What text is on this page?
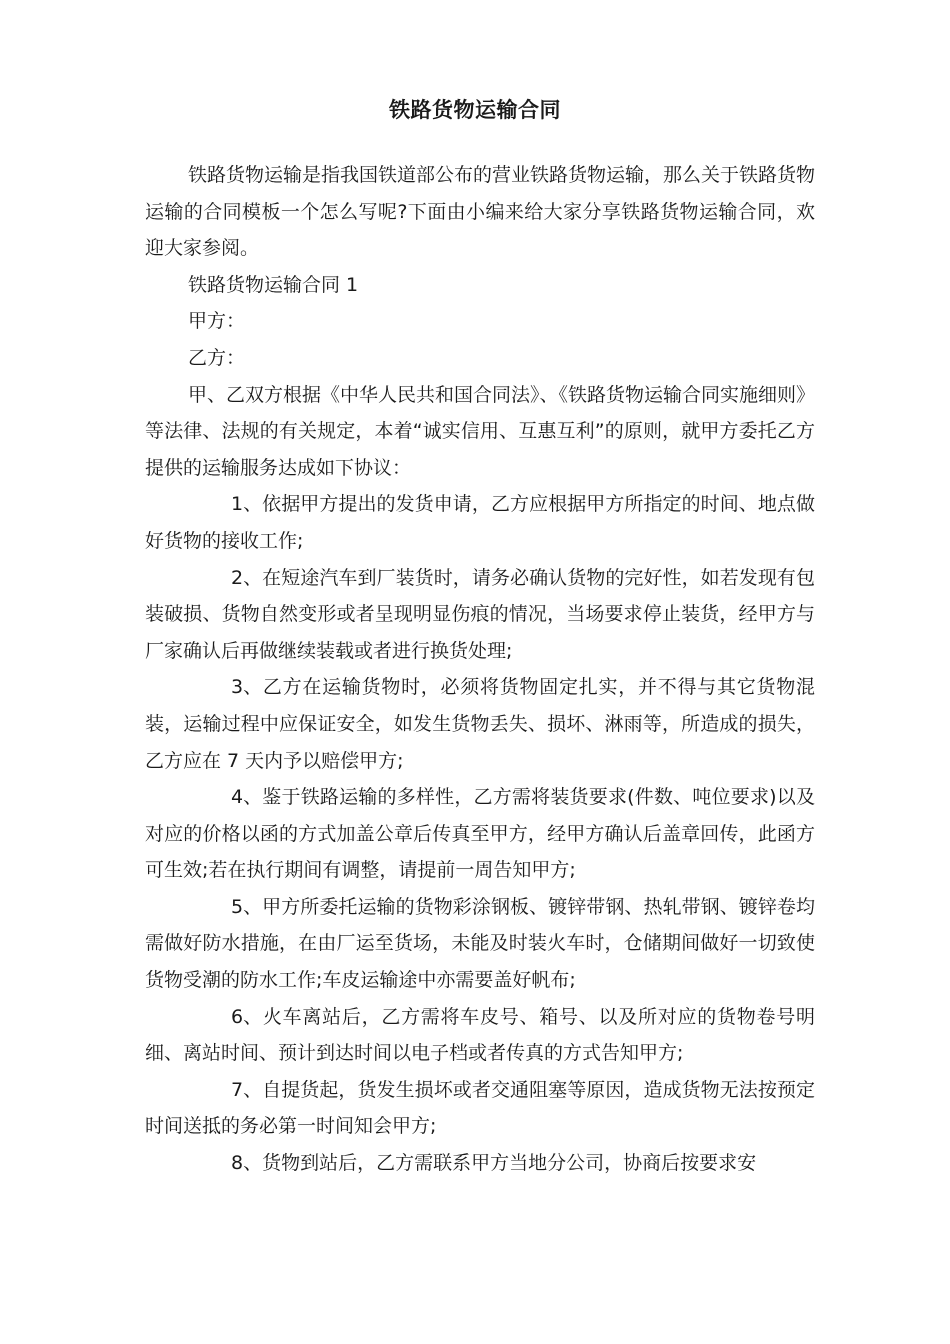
铁路货物运输合同

铁路货物运输是指我国铁道部公布的营业铁路货物运输，那么关于铁路货物运输的合同模板一个怎么写呢?下面由小编来给大家分享铁路货物运输合同，欢迎大家参阅。

铁路货物运输合同 1

甲方：

乙方：

甲、乙双方根据《中华人民共和国合同法》、《铁路货物运输合同实施细则》等法律、法规的有关规定，本着“诚实信用、互惠互利”的原则，就甲方委托乙方提供的运输服务达成如下协议：

1、依据甲方提出的发货申请，乙方应根据甲方所指定的时间、地点做好货物的接收工作;

2、在短途汽车到厂装货时，请务必确认货物的完好性，如若发现有包装破损、货物自然变形或者呈现明显伤痕的情况，当场要求停止装货，经甲方与厂家确认后再做继续装载或者进行换货处理;

3、乙方在运输货物时，必须将货物固定扎实，并不得与其它货物混装，运输过程中应保证安全，如发生货物丢失、损坏、淋雨等，所造成的损失，乙方应在 7 天内予以赔偿甲方;

4、鉴于铁路运输的多样性，乙方需将装货要求(件数、吨位要求)以及对应的价格以函的方式加盖公章后传真至甲方，经甲方确认后盖章回传，此函方可生效;若在执行期间有调整，请提前一周告知甲方;

5、甲方所委托运输的货物彩涂钢板、镀锌带钢、热轧带钢、镀锌卷均需做好防水措施，在由厂运至货场，未能及时装火车时，仓储期间做好一切致使货物受潮的防水工作;车皮运输途中亦需要盖好帆布;

6、火车离站后，乙方需将车皮号、箱号、以及所对应的货物卷号明细、离站时间、预计到达时间以电子档或者传真的方式告知甲方;

7、自提货起，货发生损坏或者交通阻塞等原因，造成货物无法按预定时间送抵的务必第一时间知会甲方;

8、货物到站后，乙方需联系甲方当地分公司，协商后按要求安
